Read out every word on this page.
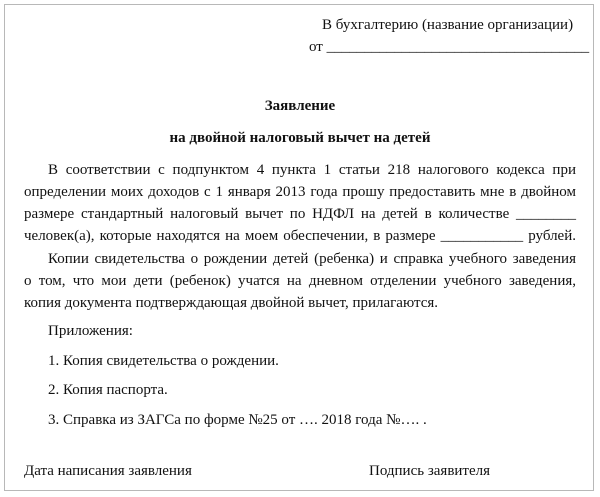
В бухгалтерию (название организации)
от ___________________________________
Заявление
на двойной налоговый вычет на детей
В соответствии с подпунктом 4 пункта 1 статьи 218 налогового кодекса при
определении моих доходов с 1 января 2013 года прошу предоставить мне в двойном
размере стандартный налоговый вычет по НДФЛ на детей в количестве ________
человек(а), которые находятся на моем обеспечении, в размере ___________ рублей.
Копии свидетельства о рождении детей (ребенка) и справка учебного заведения
о том, что мои дети (ребенок) учатся на дневном отделении учебного заведения,
копия документа подтверждающая двойной вычет, прилагаются.
Приложения:
1. Копия свидетельства о рождении.
2. Копия паспорта.
3. Справка из ЗАГСа по форме №25 от …. 2018 года №…. .
Дата написания заявления	Подпись заявителя
